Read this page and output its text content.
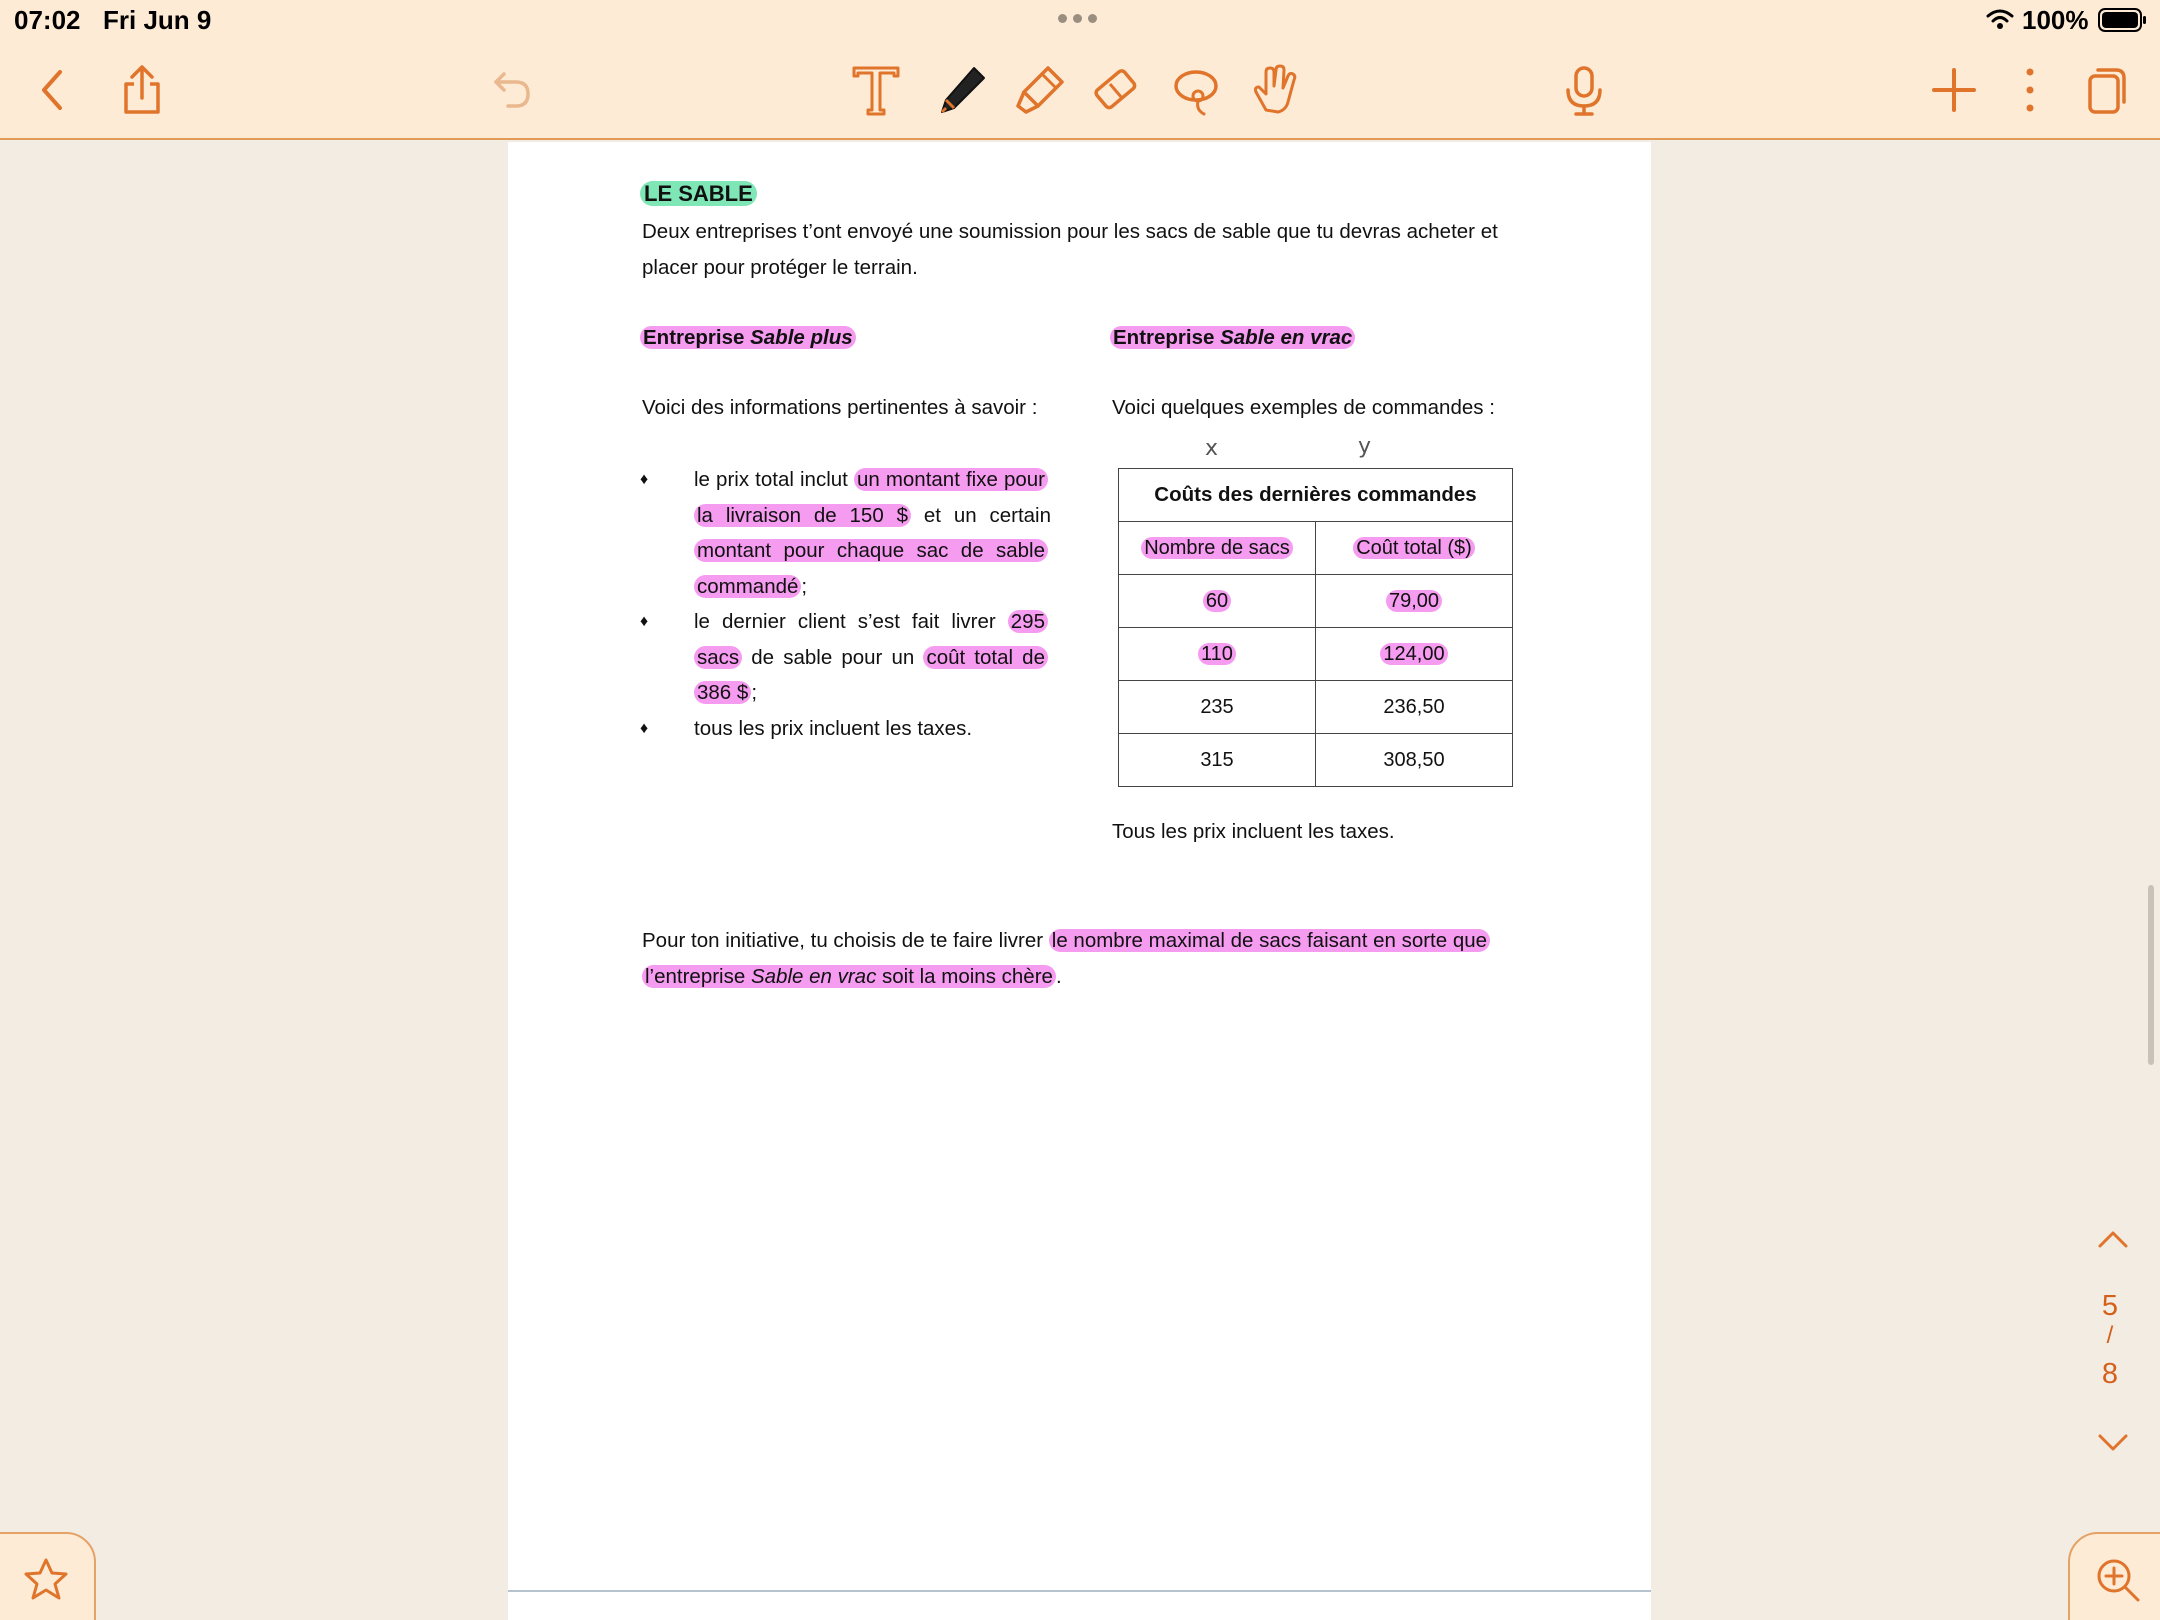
07:02 Fri Jun 9	100%
LE SABLE
Deux entreprises t’ont envoyé une soumission pour les sacs de sable que tu devras acheter et
placer pour protéger le terrain.
Entreprise Sable plus	Entreprise Sable en vrac
Voici des informations pertinentes à savoir :	Voici quelques exemples de commandes :
♦ le prix total inclut un montant fixe pour la livraison de 150 $ et un certain montant pour chaque sac de sable commandé ;
♦ le dernier client s’est fait livrer 295 sacs de sable pour un coût total de 386 $ ;
♦ tous les prix incluent les taxes.
x	y
Coûts des dernières commandes	
Nombre de sacs	Coût total ($)
60	79,00
110	124,00
235	236,50
315	308,50
Tous les prix incluent les taxes.
Pour ton initiative, tu choisis de te faire livrer le nombre maximal de sacs faisant en sorte que
l’entreprise Sable en vrac soit la moins chère .
5
/
8
